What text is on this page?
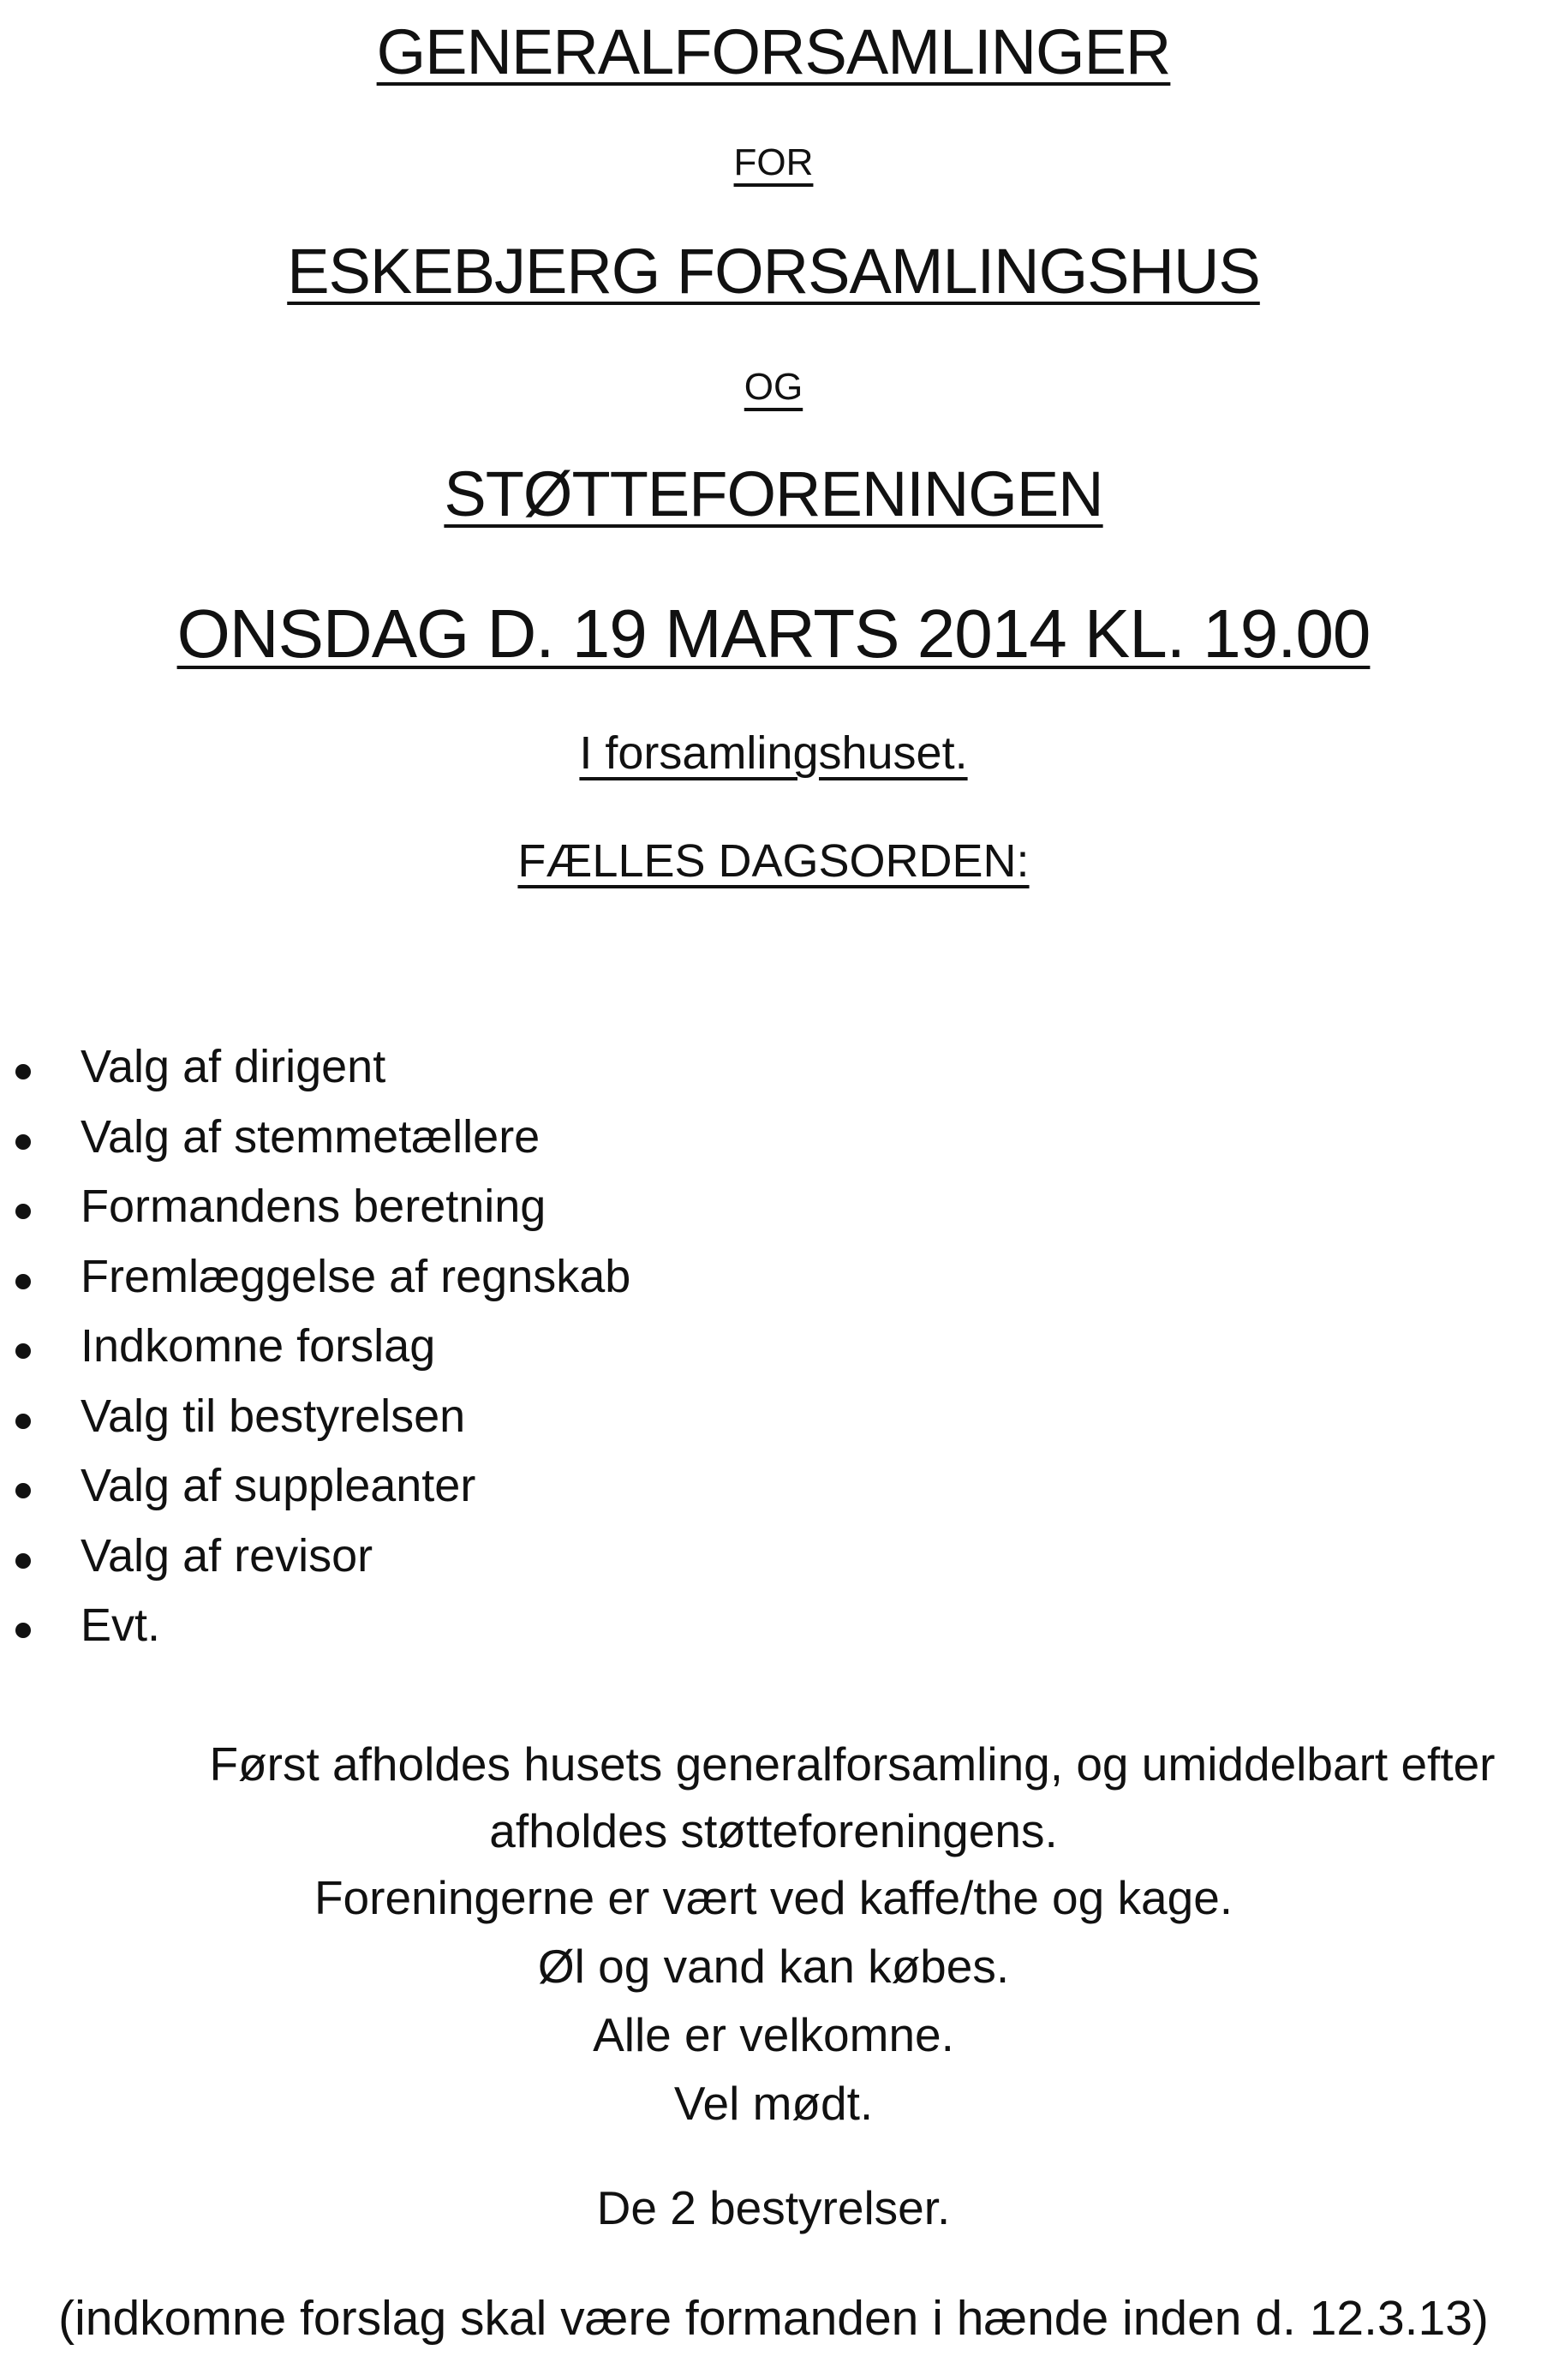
GENERALFORSAMLINGER
FOR
ESKEBJERG FORSAMLINGSHUS
OG
STØTTEFORENINGEN
ONSDAG D. 19 MARTS 2014 KL. 19.00
I forsamlingshuset.
FÆLLES DAGSORDEN:
Valg af dirigent
Valg af stemmetællere
Formandens beretning
Fremlæggelse af regnskab
Indkomne forslag
Valg til bestyrelsen
Valg af suppleanter
Valg af revisor
Evt.
Først afholdes husets generalforsamling, og umiddelbart efter
afholdes støtteforeningens.
Foreningerne er vært ved kaffe/the og kage.
Øl og vand kan købes.
Alle er velkomne.
Vel mødt.
De 2 bestyrelser.
(indkomne forslag skal være formanden i hænde inden d. 12.3.13)
